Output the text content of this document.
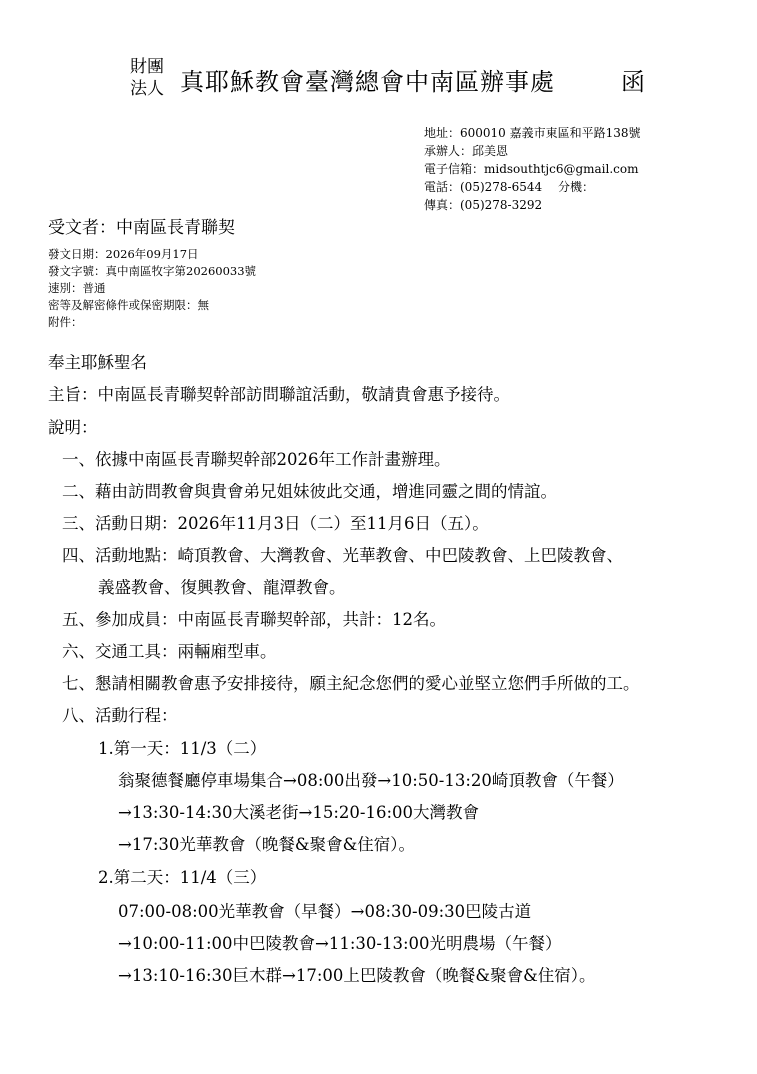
財團
法人 真耶穌教會臺灣總會中南區辦事處	函
地址：600010 嘉義市東區和平路138號
承辦人：邱美恩
電子信箱：midsouthtjc6@gmail.com
電話：(05)278-6544　 分機：
傳真：(05)278-3292
受文者：中南區長青聯契
發文日期：2026年09月17日
發文字號：真中南區牧字第20260033號
速別：普通
密等及解密條件或保密期限：無
附件：
奉主耶穌聖名
主旨：中南區長青聯契幹部訪問聯誼活動，敬請貴會惠予接待。
說明：
一、依據中南區長青聯契幹部2026年工作計畫辦理。
二、藉由訪問教會與貴會弟兄姐妹彼此交通，增進同靈之間的情誼。
三、活動日期：2026年11月3日（二）至11月6日（五）。
四、活動地點：崎頂教會、大灣教會、光華教會、中巴陵教會、上巴陵教會、
義盛教會、復興教會、龍潭教會。
五、參加成員：中南區長青聯契幹部，共計：12名。
六、交通工具：兩輛廂型車。
七、懇請相關教會惠予安排接待，願主紀念您們的愛心並堅立您們手所做的工。
八、活動行程：
1.第一天：11/3（二）
翁聚德餐廳停車場集合→08:00出發→10:50-13:20崎頂教會（午餐）
→13:30-14:30大溪老街→15:20-16:00大灣教會
→17:30光華教會（晚餐&聚會&住宿）。
2.第二天：11/4（三）
07:00-08:00光華教會（早餐）→08:30-09:30巴陵古道
→10:00-11:00中巴陵教會→11:30-13:00光明農場（午餐）
→13:10-16:30巨木群→17:00上巴陵教會（晚餐&聚會&住宿）。
